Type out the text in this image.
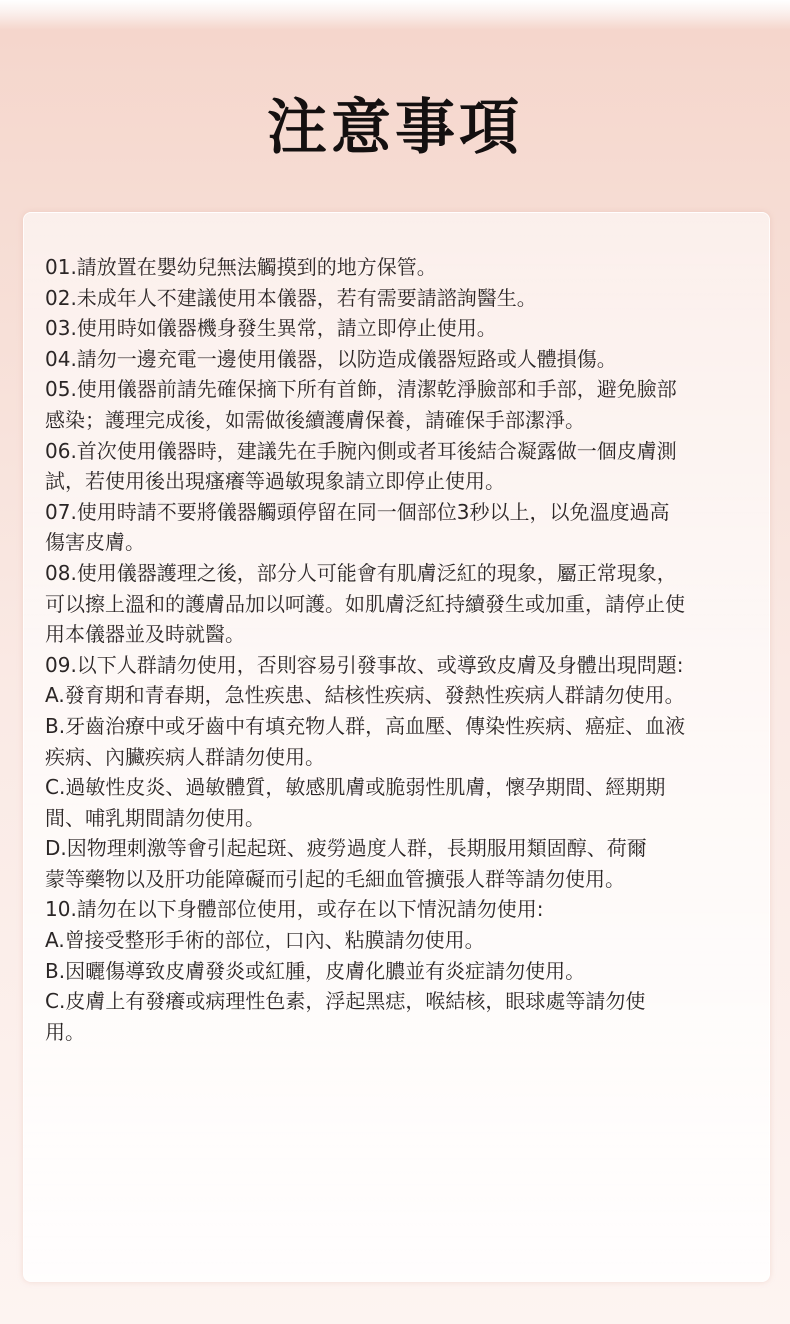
注意事項
01.請放置在嬰幼兒無法觸摸到的地方保管。
02.未成年人不建議使用本儀器，若有需要請諮詢醫生。
03.使用時如儀器機身發生異常，請立即停止使用。
04.請勿一邊充電一邊使用儀器，以防造成儀器短路或人體損傷。
05.使用儀器前請先確保摘下所有首飾，清潔乾淨臉部和手部，避免臉部
感染；護理完成後，如需做後續護膚保養，請確保手部潔淨。
06.首次使用儀器時，建議先在手腕內側或者耳後結合凝露做一個皮膚測
試，若使用後出現瘙癢等過敏現象請立即停止使用。
07.使用時請不要將儀器觸頭停留在同一個部位3秒以上，以免溫度過高
傷害皮膚。
08.使用儀器護理之後，部分人可能會有肌膚泛紅的現象，屬正常現象，
可以擦上溫和的護膚品加以呵護。如肌膚泛紅持續發生或加重，請停止使
用本儀器並及時就醫。
09.以下人群請勿使用，否則容易引發事故、或導致皮膚及身體出現問題:
A.發育期和青春期，急性疾患、結核性疾病、發熱性疾病人群請勿使用。
B.牙齒治療中或牙齒中有填充物人群，高血壓、傳染性疾病、癌症、血液
疾病、內臟疾病人群請勿使用。
C.過敏性皮炎、過敏體質，敏感肌膚或脆弱性肌膚，懷孕期間、經期期
間、哺乳期間請勿使用。
D.因物理刺激等會引起起斑、疲勞過度人群，長期服用類固醇、荷爾
蒙等藥物以及肝功能障礙而引起的毛細血管擴張人群等請勿使用。
10.請勿在以下身體部位使用，或存在以下情況請勿使用:
A.曾接受整形手術的部位，口內、粘膜請勿使用。
B.因曬傷導致皮膚發炎或紅腫，皮膚化膿並有炎症請勿使用。
C.皮膚上有發癢或病理性色素，浮起黑痣，喉結核，眼球處等請勿使
用。
